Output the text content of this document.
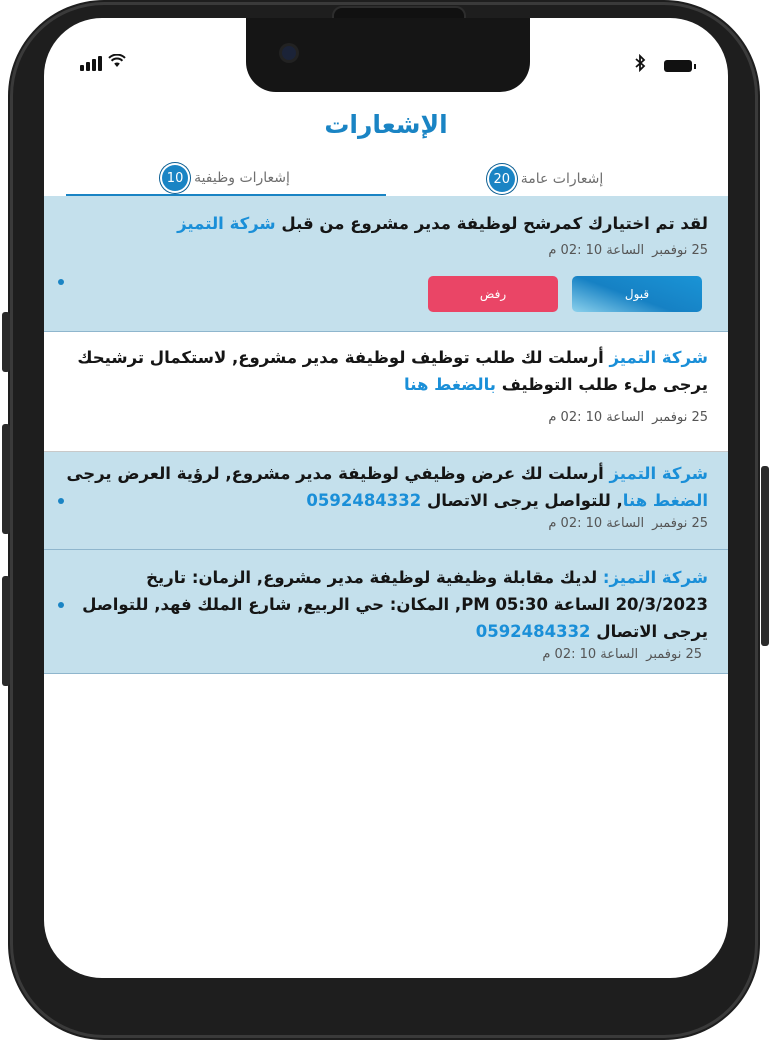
الإشعارات
إشعارات عامة
20
إشعارات وظيفية
10

لقد تم اختيارك كمرشح لوظيفة مدير مشروع من قبل شركة التميز

25 نوفمبر
الساعة 10 :02 م
قبول
رفض

شركة التميز أرسلت لك طلب توظيف لوظيفة مدير مشروع, لاستكمال ترشيحك يرجى ملء طلب التوظيف بالضغط هنا

25 نوفمبر
الساعة 10 :02 م

شركة التميز أرسلت لك عرض وظيفي لوظيفة مدير مشروع, لرؤية العرض يرجى الضغط هنا, للتواصل يرجى الاتصال 0592484332

25 نوفمبر
الساعة 10 :02 م

شركة التميز: لديك مقابلة وظيفية لوظيفة مدير مشروع, الزمان: تاريخ 20/3/2023 الساعة PM 05:30, المكان: حي الربيع, شارع الملك فهد, للتواصل يرجى الاتصال 0592484332

25 نوفمبر
الساعة 10 :02 م
